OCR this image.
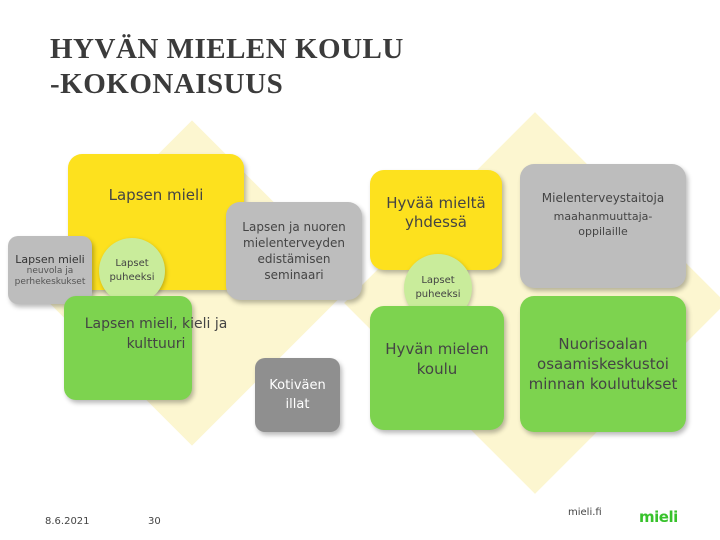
HYVÄN MIELEN KOULU
-KOKONAISUUS
Lapsen mieli
Lapsen mieli
neuvola ja perhekeskukset
Lapset puheeksi
Lapsen mieli, kieli ja kulttuuri
Lapsen ja nuoren mielenterveyden edistämisen seminaari
Kotiväen illat
Hyvää mieltä yhdessä
Lapset puheeksi
Hyvän mielen koulu
Mielenterveystaitoja
maahanmuuttaja-oppilaille
Nuorisoalan osaamiskeskustoi minnan koulutukset
8.6.2021	30
mieli.fi mieli
